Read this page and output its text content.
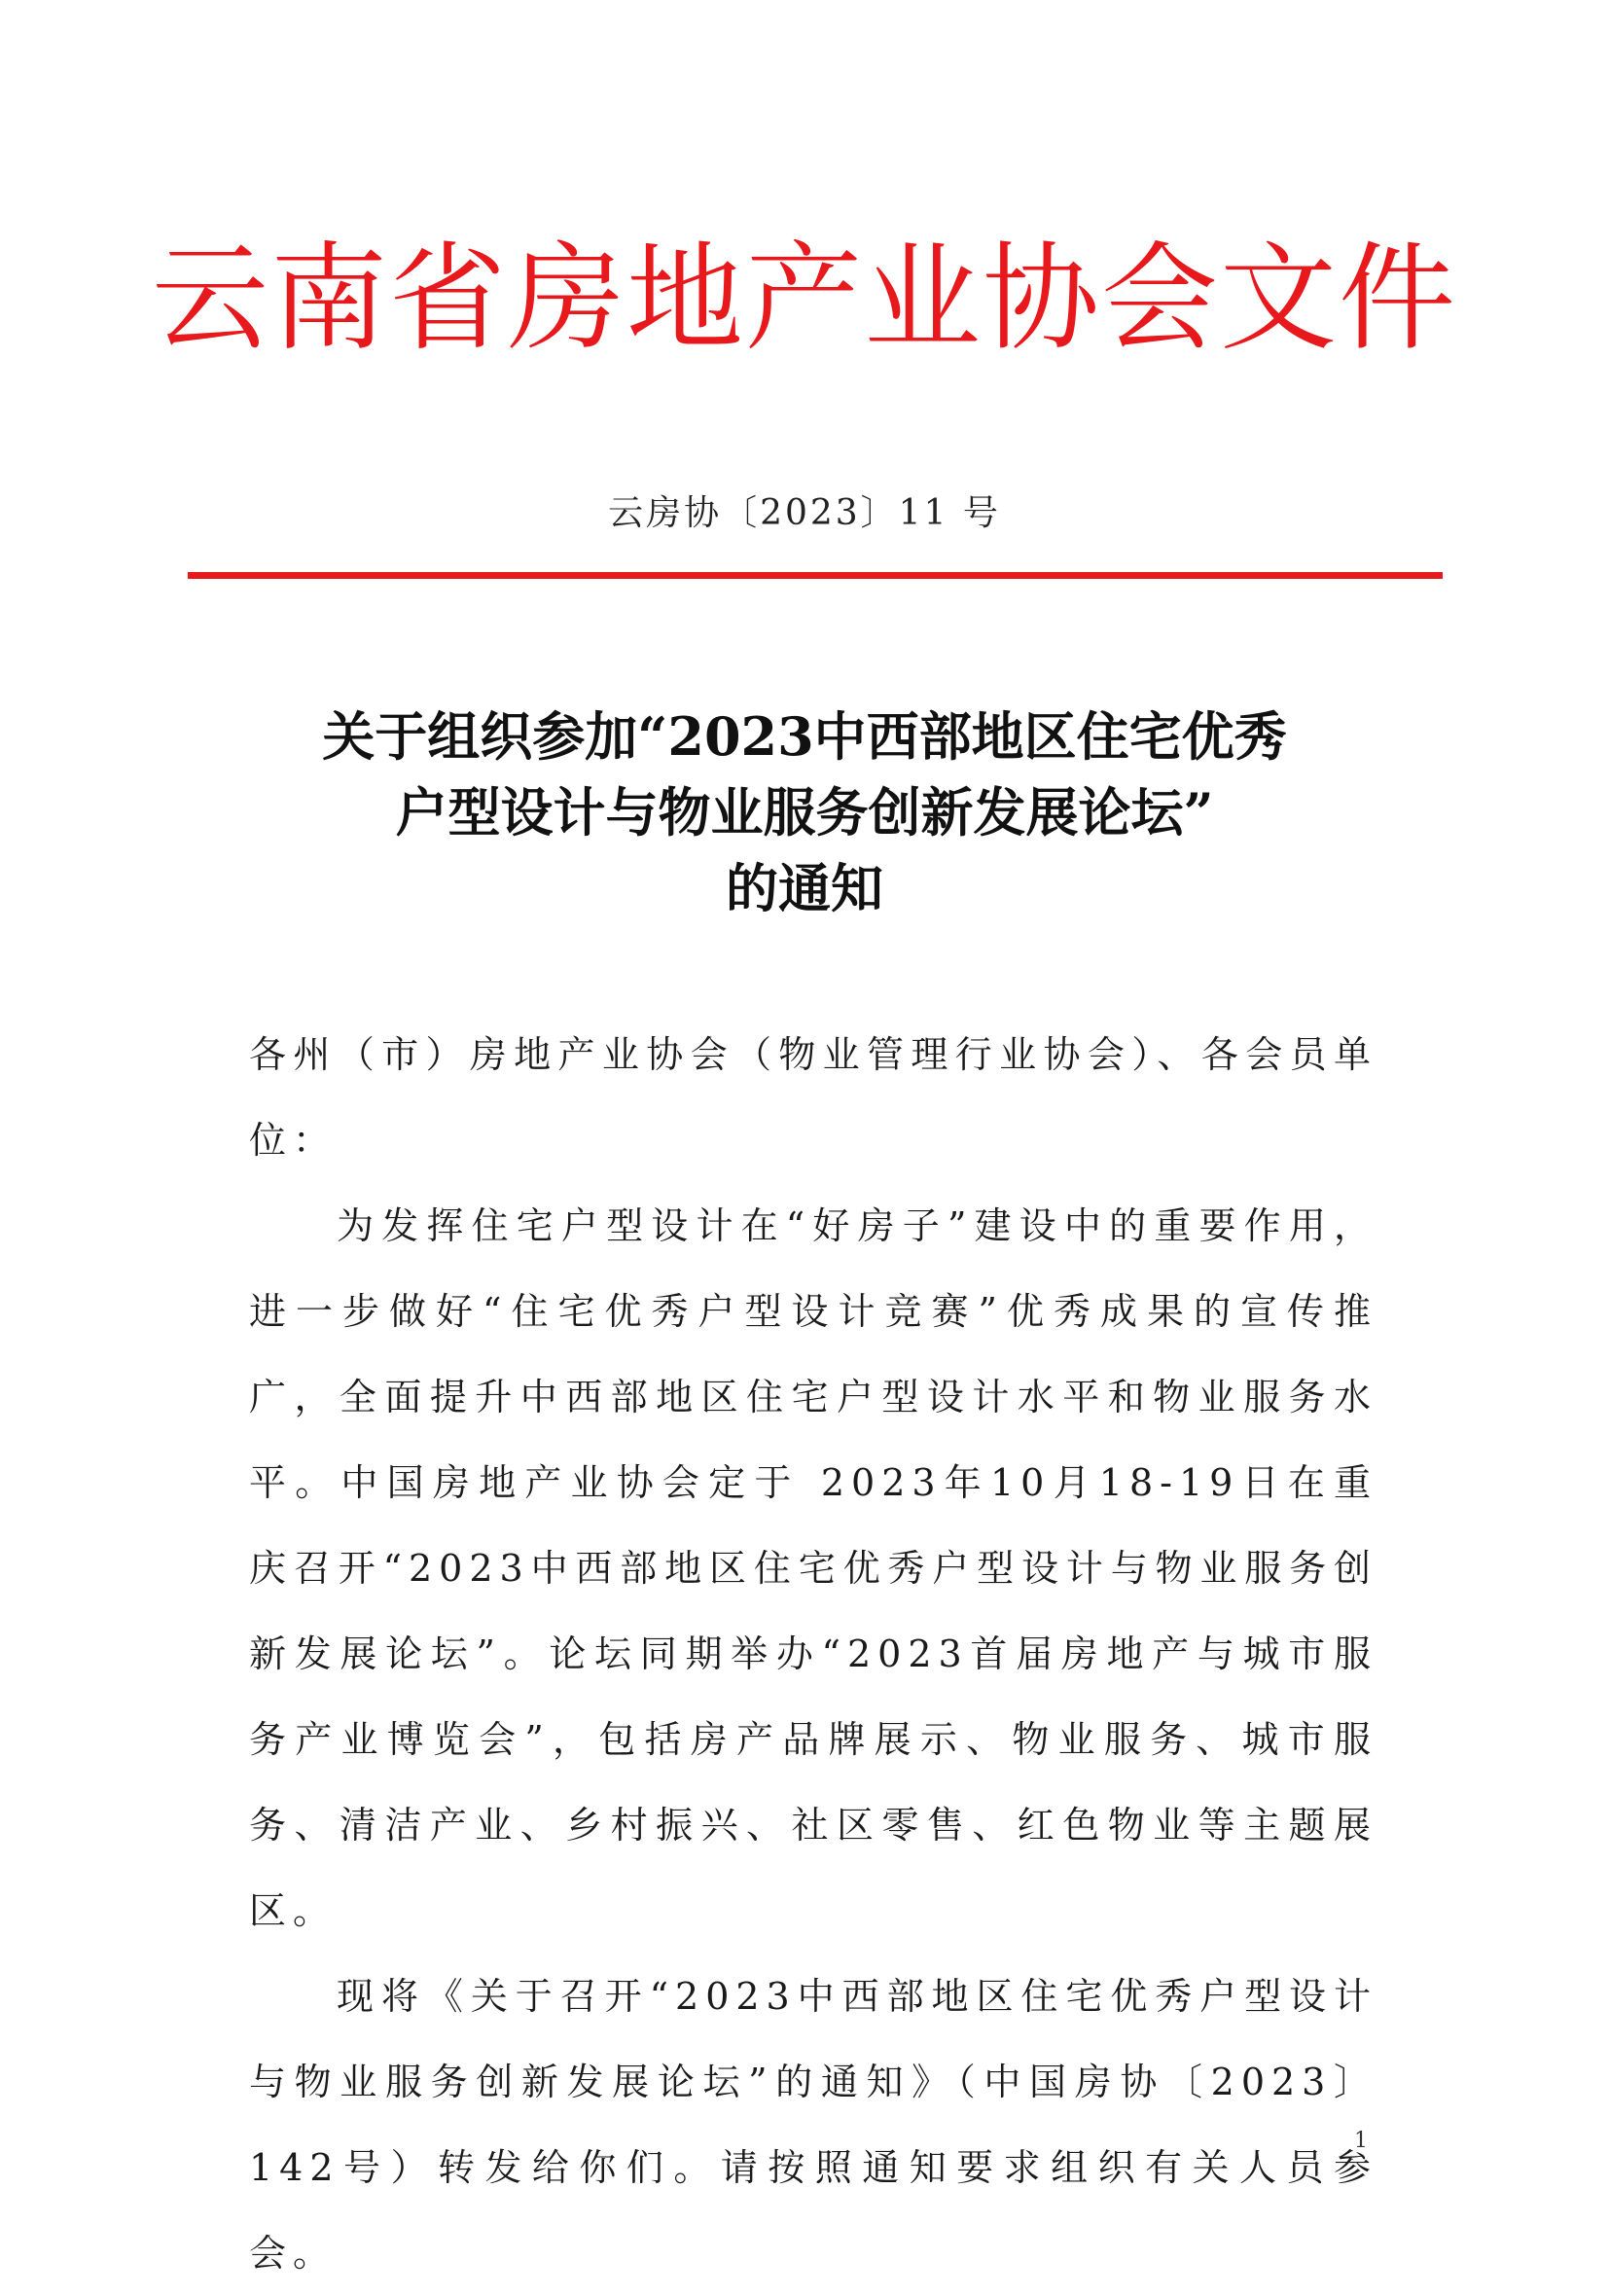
云南省房地产业协会文件
云房协〔2023〕11 号
关于组织参加“2023中西部地区住宅优秀
户型设计与物业服务创新发展论坛”
的通知

各州（市）房地产业协会（物业管理行业协会）、各会员单位：

为发挥住宅户型设计在“好房子”建设中的重要作用，进一步做好“住宅优秀户型设计竞赛”优秀成果的宣传推广，全面提升中西部地区住宅户型设计水平和物业服务水平。中国房地产业协会定于 2023年10月18-19日在重庆召开“2023中西部地区住宅优秀户型设计与物业服务创新发展论坛”。论坛同期举办“2023首届房地产与城市服务产业博览会”，包括房产品牌展示、物业服务、城市服务、清洁产业、乡村振兴、社区零售、红色物业等主题展区。

现将《关于召开“2023中西部地区住宅优秀户型设计与物业服务创新发展论坛”的通知》（中国房协〔2023〕142号）转发给你们。请按照通知要求组织有关人员参会。

1
